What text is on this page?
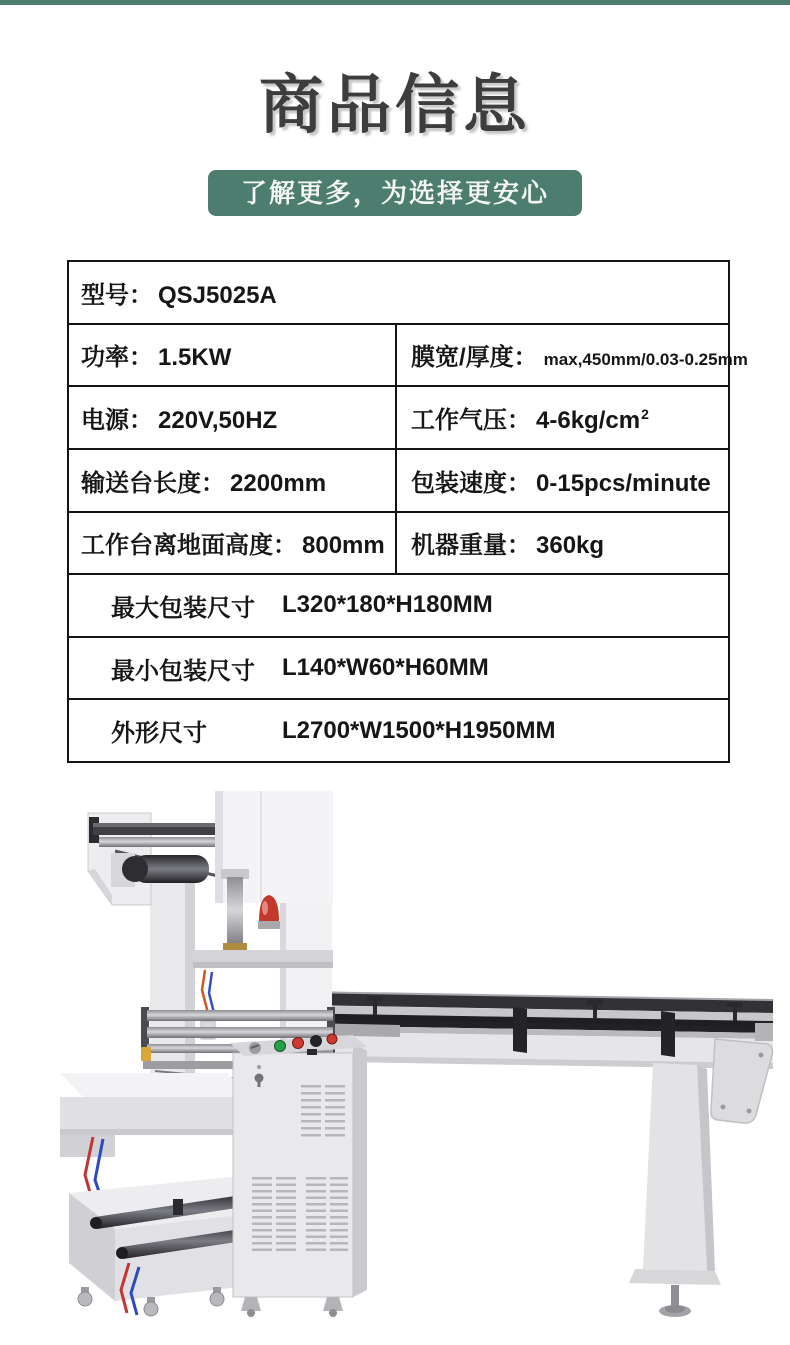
商品信息
了解更多，为选择更安心
型号： QSJ5025A
功率： 1.5KW	膜宽/厚度： max,450mm/0.03-0.25mm
电源： 220V,50HZ	工作气压： 4-6kg/cm 2
输送台长度： 2200mm	包装速度： 0-15pcs/minute
工作台离地面高度： 800mm 机器重量： 360kg
最大包装尺寸	L320*180*H180MM
最小包装尺寸	L140*W60*H60MM
外形尺寸	L2700*W1500*H1950MM
